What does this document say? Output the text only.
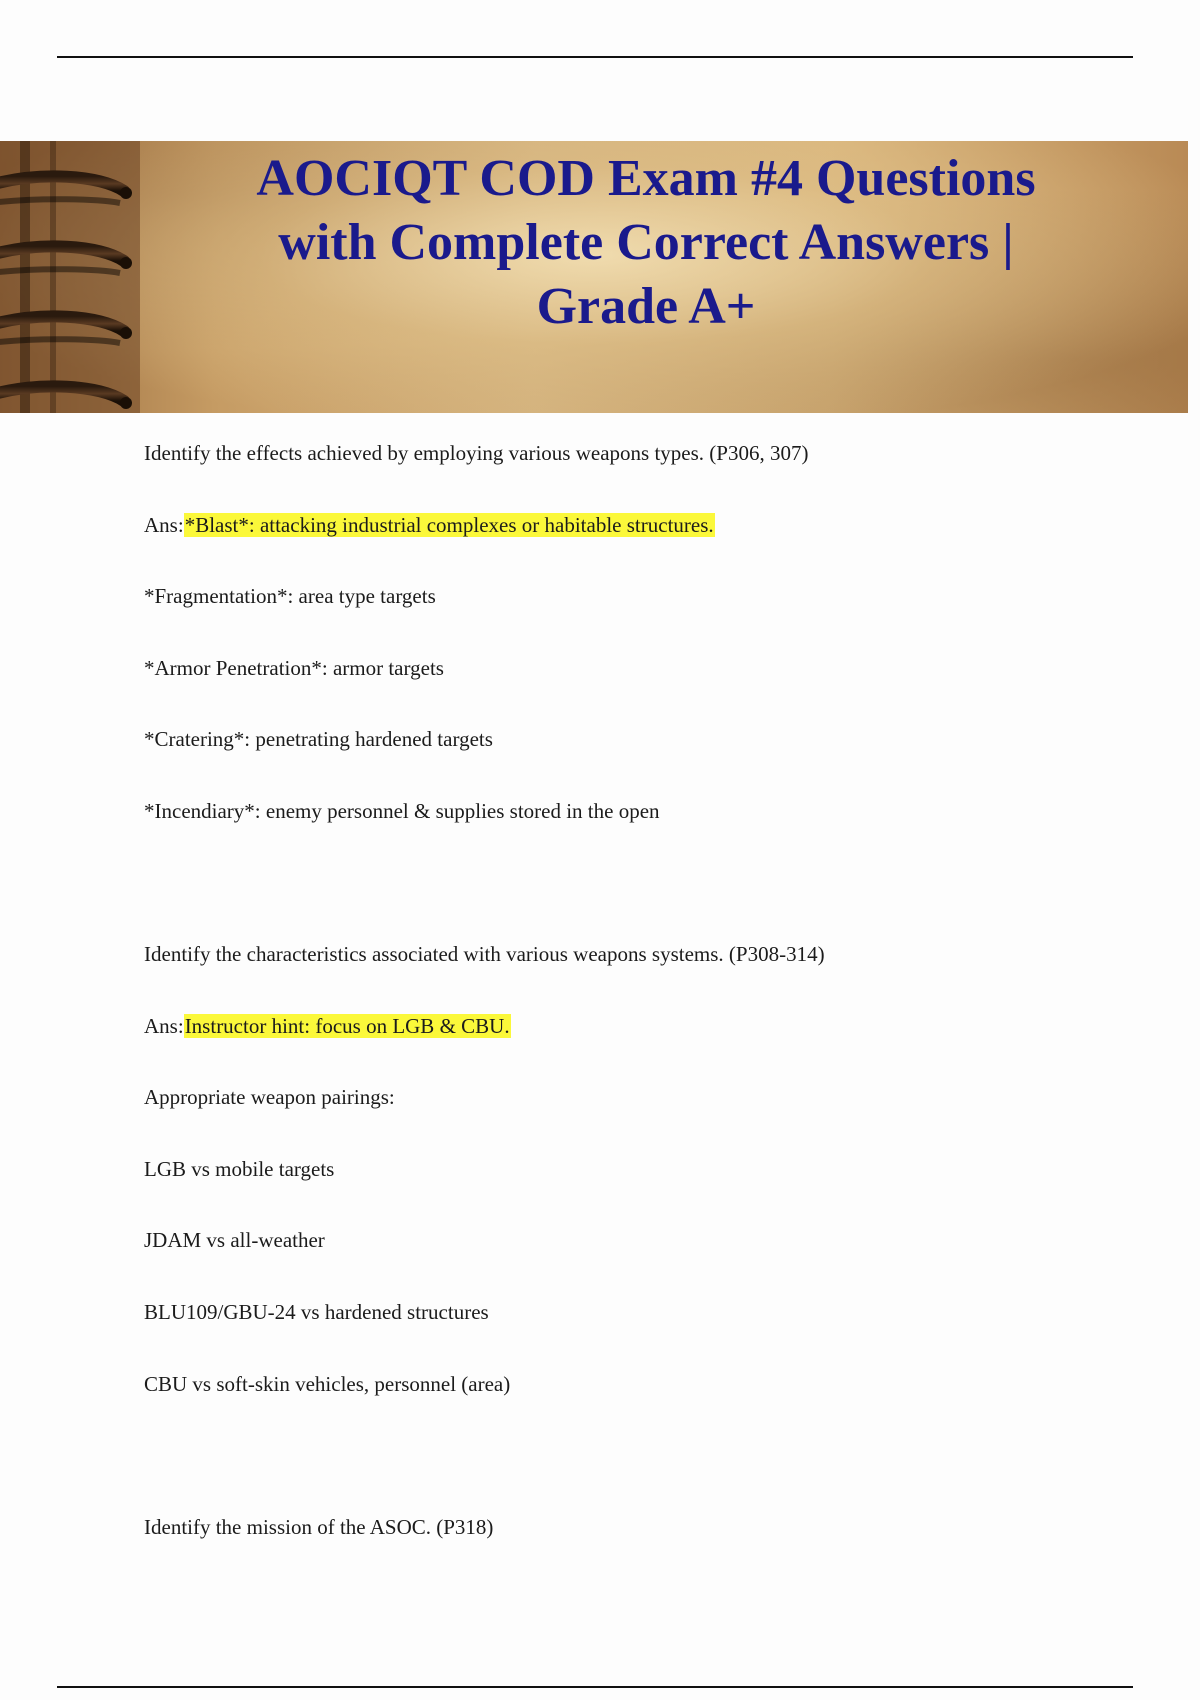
AOCIQT COD Exam #4 Questions
with Complete Correct Answers |
Grade A+
Identify the effects achieved by employing various weapons types. (P306, 307)
Ans:*Blast*: attacking industrial complexes or habitable structures.
*Fragmentation*: area type targets
*Armor Penetration*: armor targets
*Cratering*: penetrating hardened targets
*Incendiary*: enemy personnel & supplies stored in the open
Identify the characteristics associated with various weapons systems. (P308-314)
Ans:Instructor hint: focus on LGB & CBU.
Appropriate weapon pairings:
LGB vs mobile targets
JDAM vs all-weather
BLU109/GBU-24 vs hardened structures
CBU vs soft-skin vehicles, personnel (area)
Identify the mission of the ASOC. (P318)
